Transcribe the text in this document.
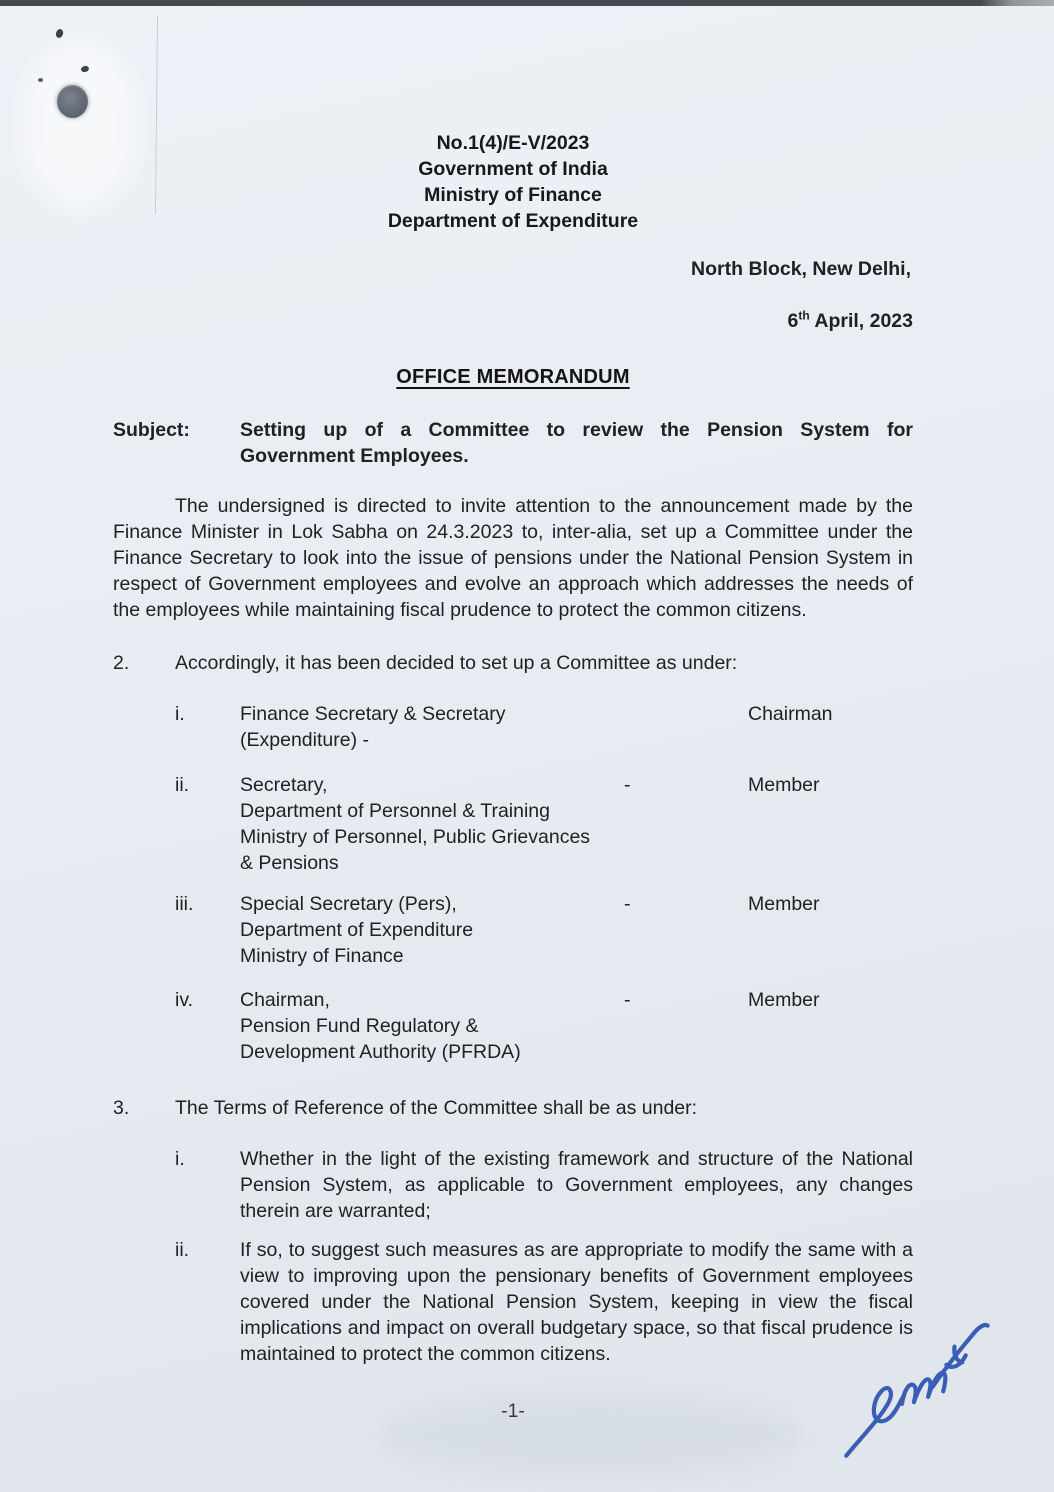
No.1(4)/E-V/2023
Government of India
Ministry of Finance
Department of Expenditure
North Block, New Delhi,
6th April, 2023
OFFICE MEMORANDUM
Subject:	Setting up of a Committee to review the Pension System for Government Employees.

The undersigned is directed to invite attention to the announcement made by the Finance Minister in Lok Sabha on 24.3.2023 to, inter-alia, set up a Committee under the Finance Secretary to look into the issue of pensions under the National Pension System in respect of Government employees and evolve an approach which addresses the needs of the employees while maintaining fiscal prudence to protect the common citizens.

2.	Accordingly, it has been decided to set up a Committee as under:
i.	Finance Secretary & Secretary (Expenditure) -
Chairman
ii.	Secretary,
Department of Personnel & Training
Ministry of Personnel, Public Grievances
& Pensions
-	Member
iii.	Special Secretary (Pers),
Department of Expenditure
Ministry of Finance
-	Member
iv.	Chairman,
Pension Fund Regulatory &
Development Authority (PFRDA)
-	Member
3.	The Terms of Reference of the Committee shall be as under:
i.	Whether in the light of the existing framework and structure of the National Pension System, as applicable to Government employees, any changes therein are warranted;
ii.	If so, to suggest such measures as are appropriate to modify the same with a view to improving upon the pensionary benefits of Government employees covered under the National Pension System, keeping in view the fiscal implications and impact on overall budgetary space, so that fiscal prudence is maintained to protect the common citizens.
-1-
